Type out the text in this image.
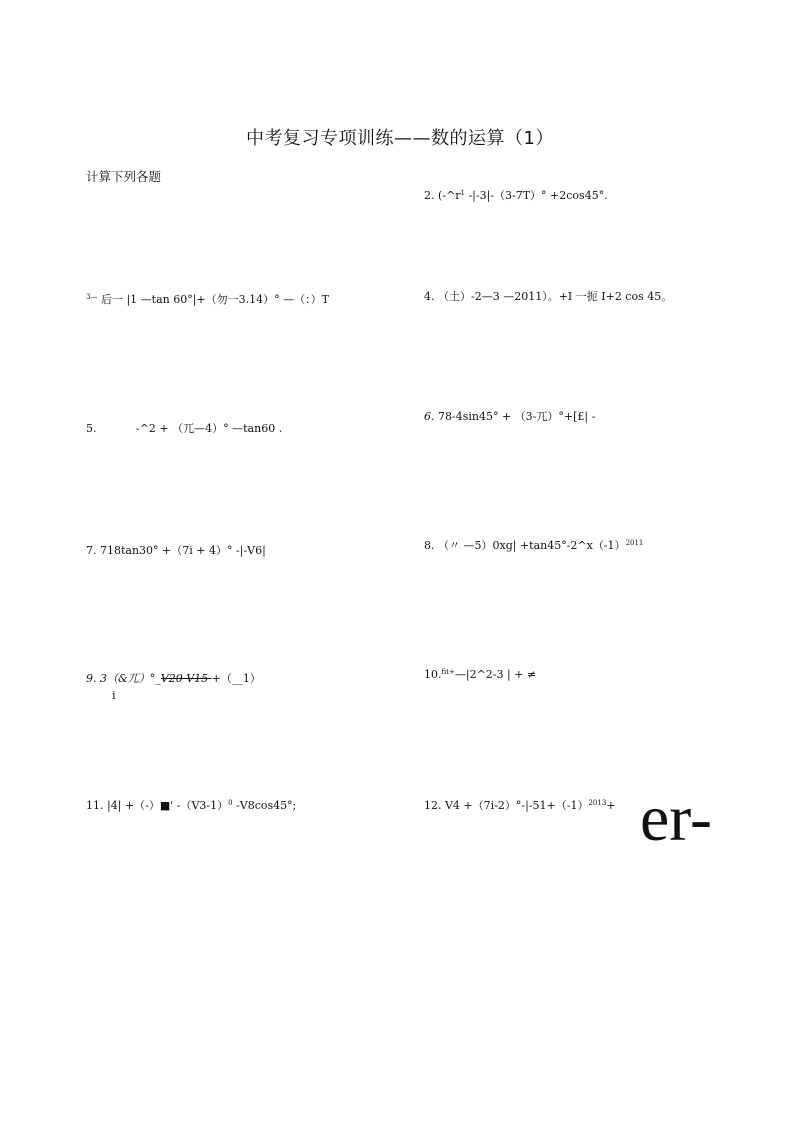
中考复习专项训练——数的运算（1）
计算下列各题
2. ($-\^{}r^1$ -|-3|-（3-7T）° +2cos45°.
$^{3—}$ 后一 |1 —tan 60°|+（勿一3.14）° —（：）T	4. （土）-2—3 —2011）。+I 一扼 I+2 cos 45。
5.	-^2 + （兀—4）° —tan60 .
6. 78-4sin45° + （3-兀）°+[£| -
7. 718tan30° +（7i + 4）° -|-V6|	8. （〃 —5）0xg| $+\tan 45^\circ-2\^{}x(-1)^{2011}$
9. 3（&兀）°_V20 V15 +（__1）
i
10.$^{fit+}$—|2^2-3 | + ≠
11. |4| +（-）■' $-(V3-1)^0$ -V8cos45°;	12. $V4 +(7i-2)^\circ-|-51+(-1)^{2013}+ er-$
